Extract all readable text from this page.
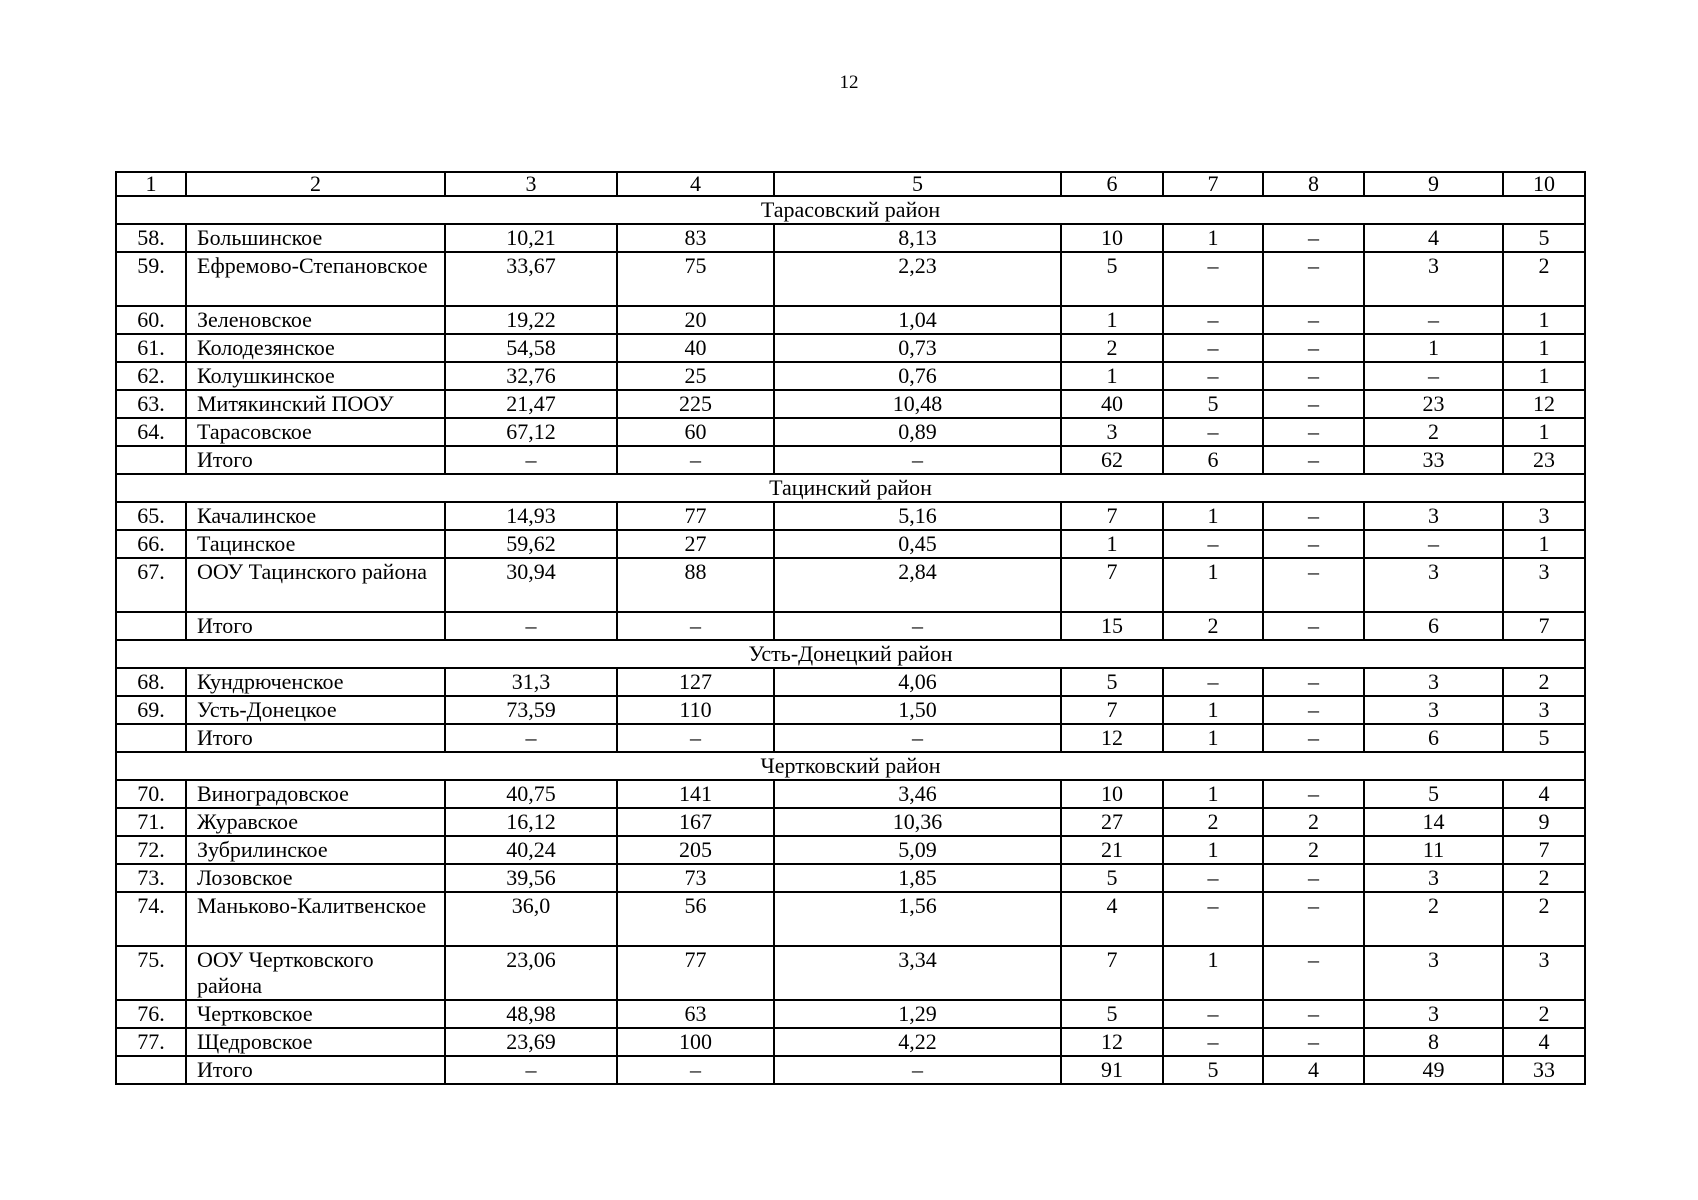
12
1	2	3	4	5	6	7	8	9	10
Тарасовский район									
58.	Большинское	10,21	83	8,13	10	1	–	4	5
59.	Ефремово-Степановское	33,67	75	2,23	5	–	–	3	2
60.	Зеленовское	19,22	20	1,04	1	–	–	–	1
61.	Колодезянское	54,58	40	0,73	2	–	–	1	1
62.	Колушкинское	32,76	25	0,76	1	–	–	–	1
63.	Митякинский ПООУ	21,47	225	10,48	40	5	–	23	12
64.	Тарасовское	67,12	60	0,89	3	–	–	2	1
	Итого	–	–	–	62	6	–	33	23
Тацинский район									
65.	Качалинское	14,93	77	5,16	7	1	–	3	3
66.	Тацинское	59,62	27	0,45	1	–	–	–	1
67.	ООУ Тацинского района	30,94	88	2,84	7	1	–	3	3
	Итого	–	–	–	15	2	–	6	7
Усть-Донецкий район									
68.	Кундрюченское	31,3	127	4,06	5	–	–	3	2
69.	Усть-Донецкое	73,59	110	1,50	7	1	–	3	3
	Итого	–	–	–	12	1	–	6	5
Чертковский район									
70.	Виноградовское	40,75	141	3,46	10	1	–	5	4
71.	Журавское	16,12	167	10,36	27	2	2	14	9
72.	Зубрилинское	40,24	205	5,09	21	1	2	11	7
73.	Лозовское	39,56	73	1,85	5	–	–	3	2
74.	Маньково-Калитвенское	36,0	56	1,56	4	–	–	2	2
75.	ООУ Чертковского района	23,06	77	3,34	7	1	–	3	3
76.	Чертковское	48,98	63	1,29	5	–	–	3	2
77.	Щедровское	23,69	100	4,22	12	–	–	8	4
	Итого	–	–	–	91	5	4	49	33
